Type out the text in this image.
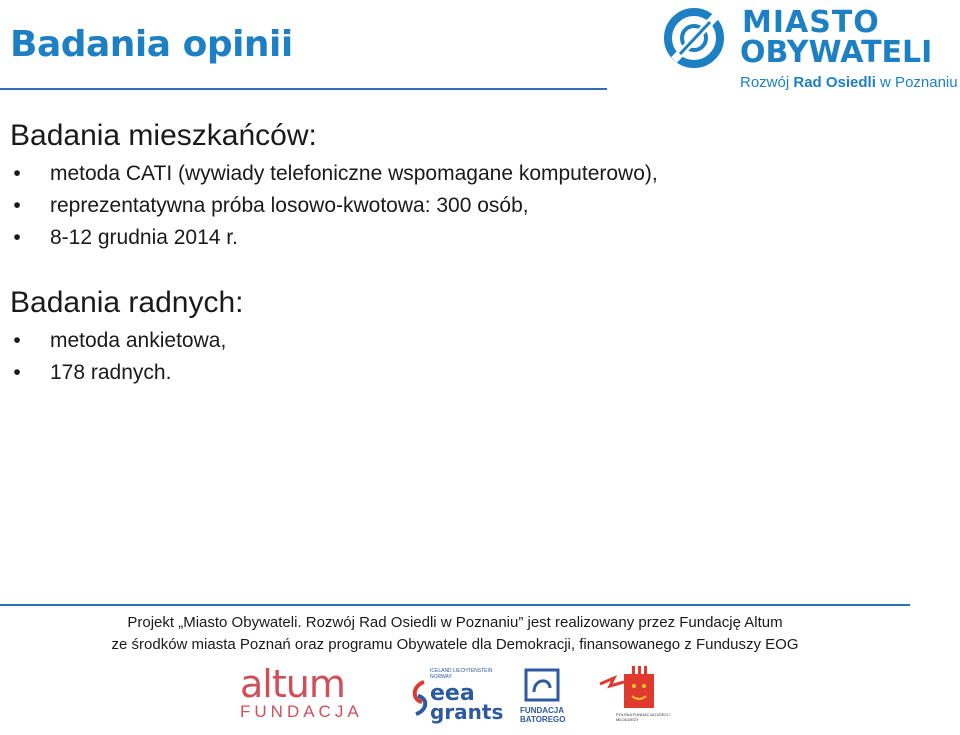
Badania opinii
MIASTO
OBYWATELI
Rozwój Rad Osiedli w Poznaniu
Badania mieszkańców:
• metoda CATI (wywiady telefoniczne wspomagane komputerowo),
• reprezentatywna próba losowo-kwotowa: 300 osób,
• 8-12 grudnia 2014 r.
Badania radnych:
• metoda ankietowa,
• 178 radnych.
Projekt „Miasto Obywateli. Rozwój Rad Osiedli w Poznaniu” jest realizowany przez Fundację Altum
ze środków miasta Poznań oraz programu Obywatele dla Demokracji, finansowanego z Funduszy EOG
altum
FUNDACJA
ICELAND LIECHTENSTEIN NORWAY
eea
grants FUNDACJA BATOREGO
POLSKA FUNDACJA DZIECI I MŁODZIEŻY
